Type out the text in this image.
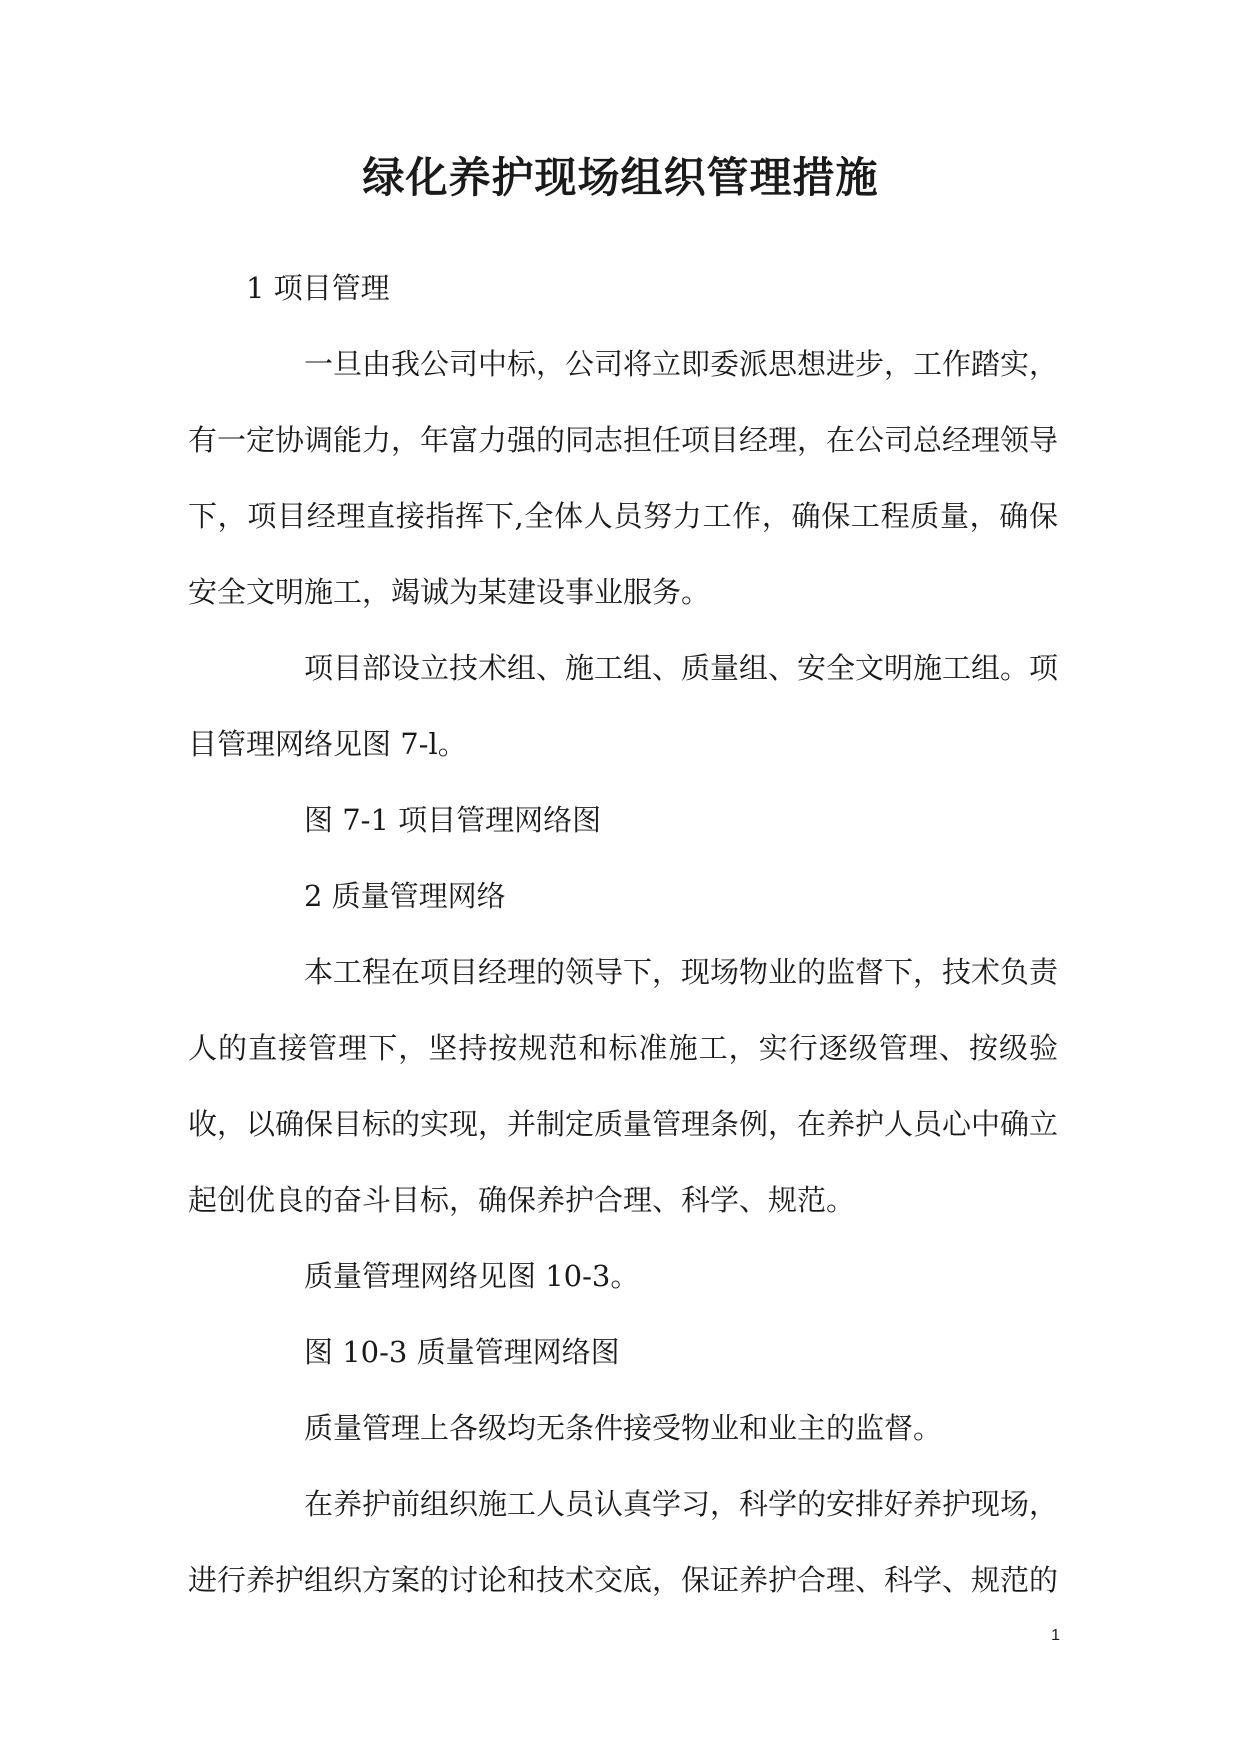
绿化养护现场组织管理措施

1 项目管理

一旦由我公司中标，公司将立即委派思想进步，工作踏实，有一定协调能力，年富力强的同志担任项目经理，在公司总经理领导下，项目经理直接指挥下,全体人员努力工作，确保工程质量，确保安全文明施工，竭诚为某建设事业服务。

项目部设立技术组、施工组、质量组、安全文明施工组。项目管理网络见图 7-l。

图 7-1 项目管理网络图

2 质量管理网络

本工程在项目经理的领导下，现场物业的监督下，技术负责人的直接管理下，坚持按规范和标准施工，实行逐级管理、按级验收，以确保目标的实现，并制定质量管理条例，在养护人员心中确立起创优良的奋斗目标，确保养护合理、科学、规范。

质量管理网络见图 10-3。

图 10-3 质量管理网络图

质量管理上各级均无条件接受物业和业主的监督。

在养护前组织施工人员认真学习，科学的安排好养护现场，进行养护组织方案的讨论和技术交底，保证养护合理、科学、规范的

1
